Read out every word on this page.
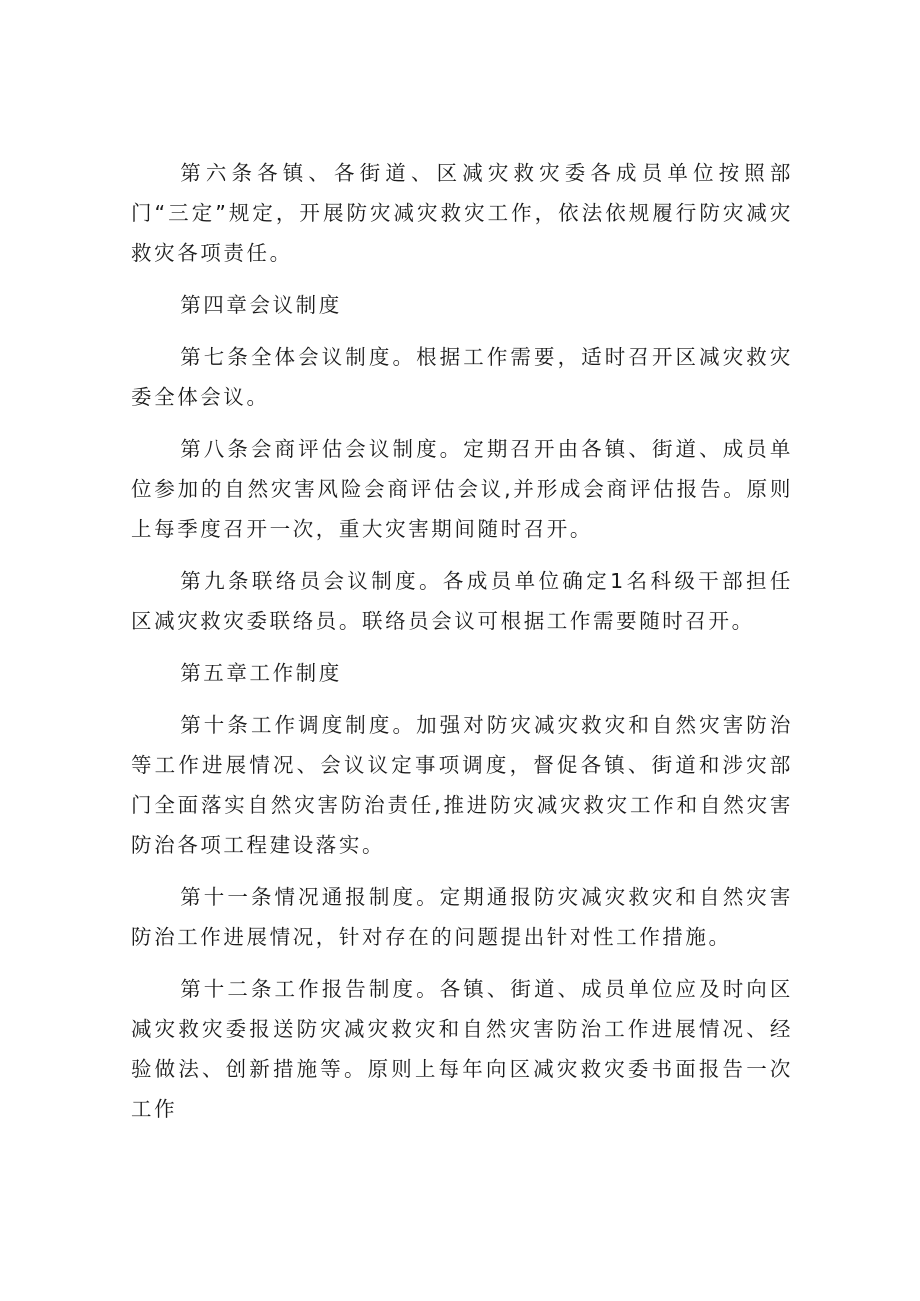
第六条各镇、各街道、区减灾救灾委各成员单位按照部门“三定”规定，开展防灾减灾救灾工作，依法依规履行防灾减灾救灾各项责任。

第四章会议制度

第七条全体会议制度。根据工作需要，适时召开区减灾救灾委全体会议。

第八条会商评估会议制度。定期召开由各镇、街道、成员单位参加的自然灾害风险会商评估会议,并形成会商评估报告。原则上每季度召开一次，重大灾害期间随时召开。

第九条联络员会议制度。各成员单位确定1名科级干部担任区减灾救灾委联络员。联络员会议可根据工作需要随时召开。

第五章工作制度

第十条工作调度制度。加强对防灾减灾救灾和自然灾害防治等工作进展情况、会议议定事项调度，督促各镇、街道和涉灾部门全面落实自然灾害防治责任,推进防灾减灾救灾工作和自然灾害防治各项工程建设落实。

第十一条情况通报制度。定期通报防灾减灾救灾和自然灾害防治工作进展情况，针对存在的问题提出针对性工作措施。

第十二条工作报告制度。各镇、街道、成员单位应及时向区减灾救灾委报送防灾减灾救灾和自然灾害防治工作进展情况、经验做法、创新措施等。原则上每年向区减灾救灾委书面报告一次工作
